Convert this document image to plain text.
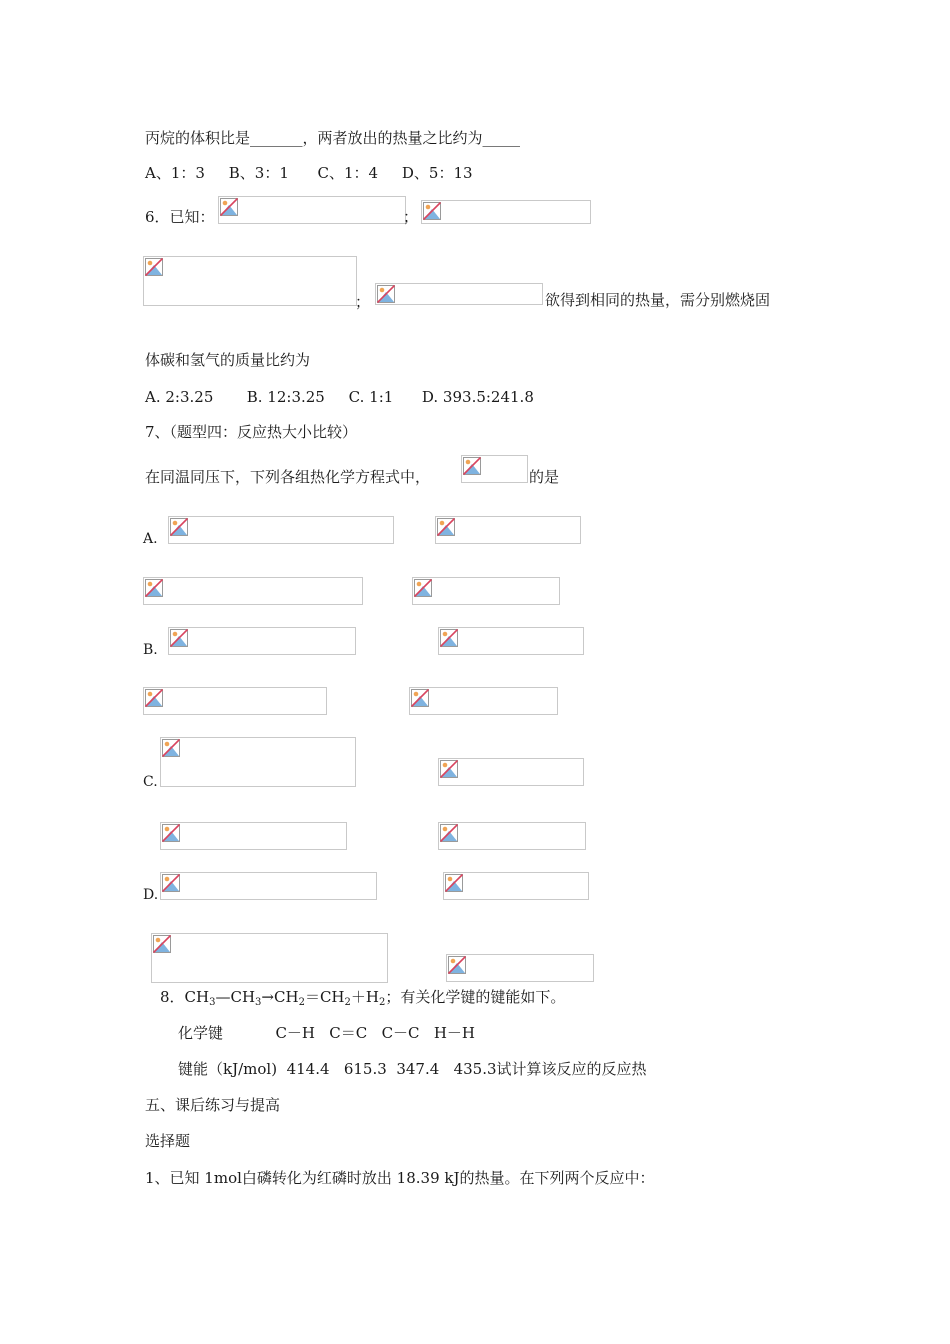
丙烷的体积比是_______，两者放出的热量之比约为_____
A、1：3     B、3：1      C、1：4     D、5：13
6．已知：	；
；	欲得到相同的热量，需分别燃烧固
体碳和氢气的质量比约为
A. 2:3.25       B. 12:3.25     C. 1:1      D. 393.5:241.8
7、（题型四：反应热大小比较）
在同温同压下，下列各组热化学方程式中，	的是
A.
B.
C.
D.
8．$CH_3—CH_3\to CH_2=CH_2+H_2$；有关化学键的键能如下。
化学键           C－H   C＝C   C－C   H－H
键能（kJ/mol)  414.4   615.3  347.4   435.3试计算该反应的反应热
五、课后练习与提高
选择题
1、已知 1mol白磷转化为红磷时放出 18.39 kJ的热量。在下列两个反应中：
